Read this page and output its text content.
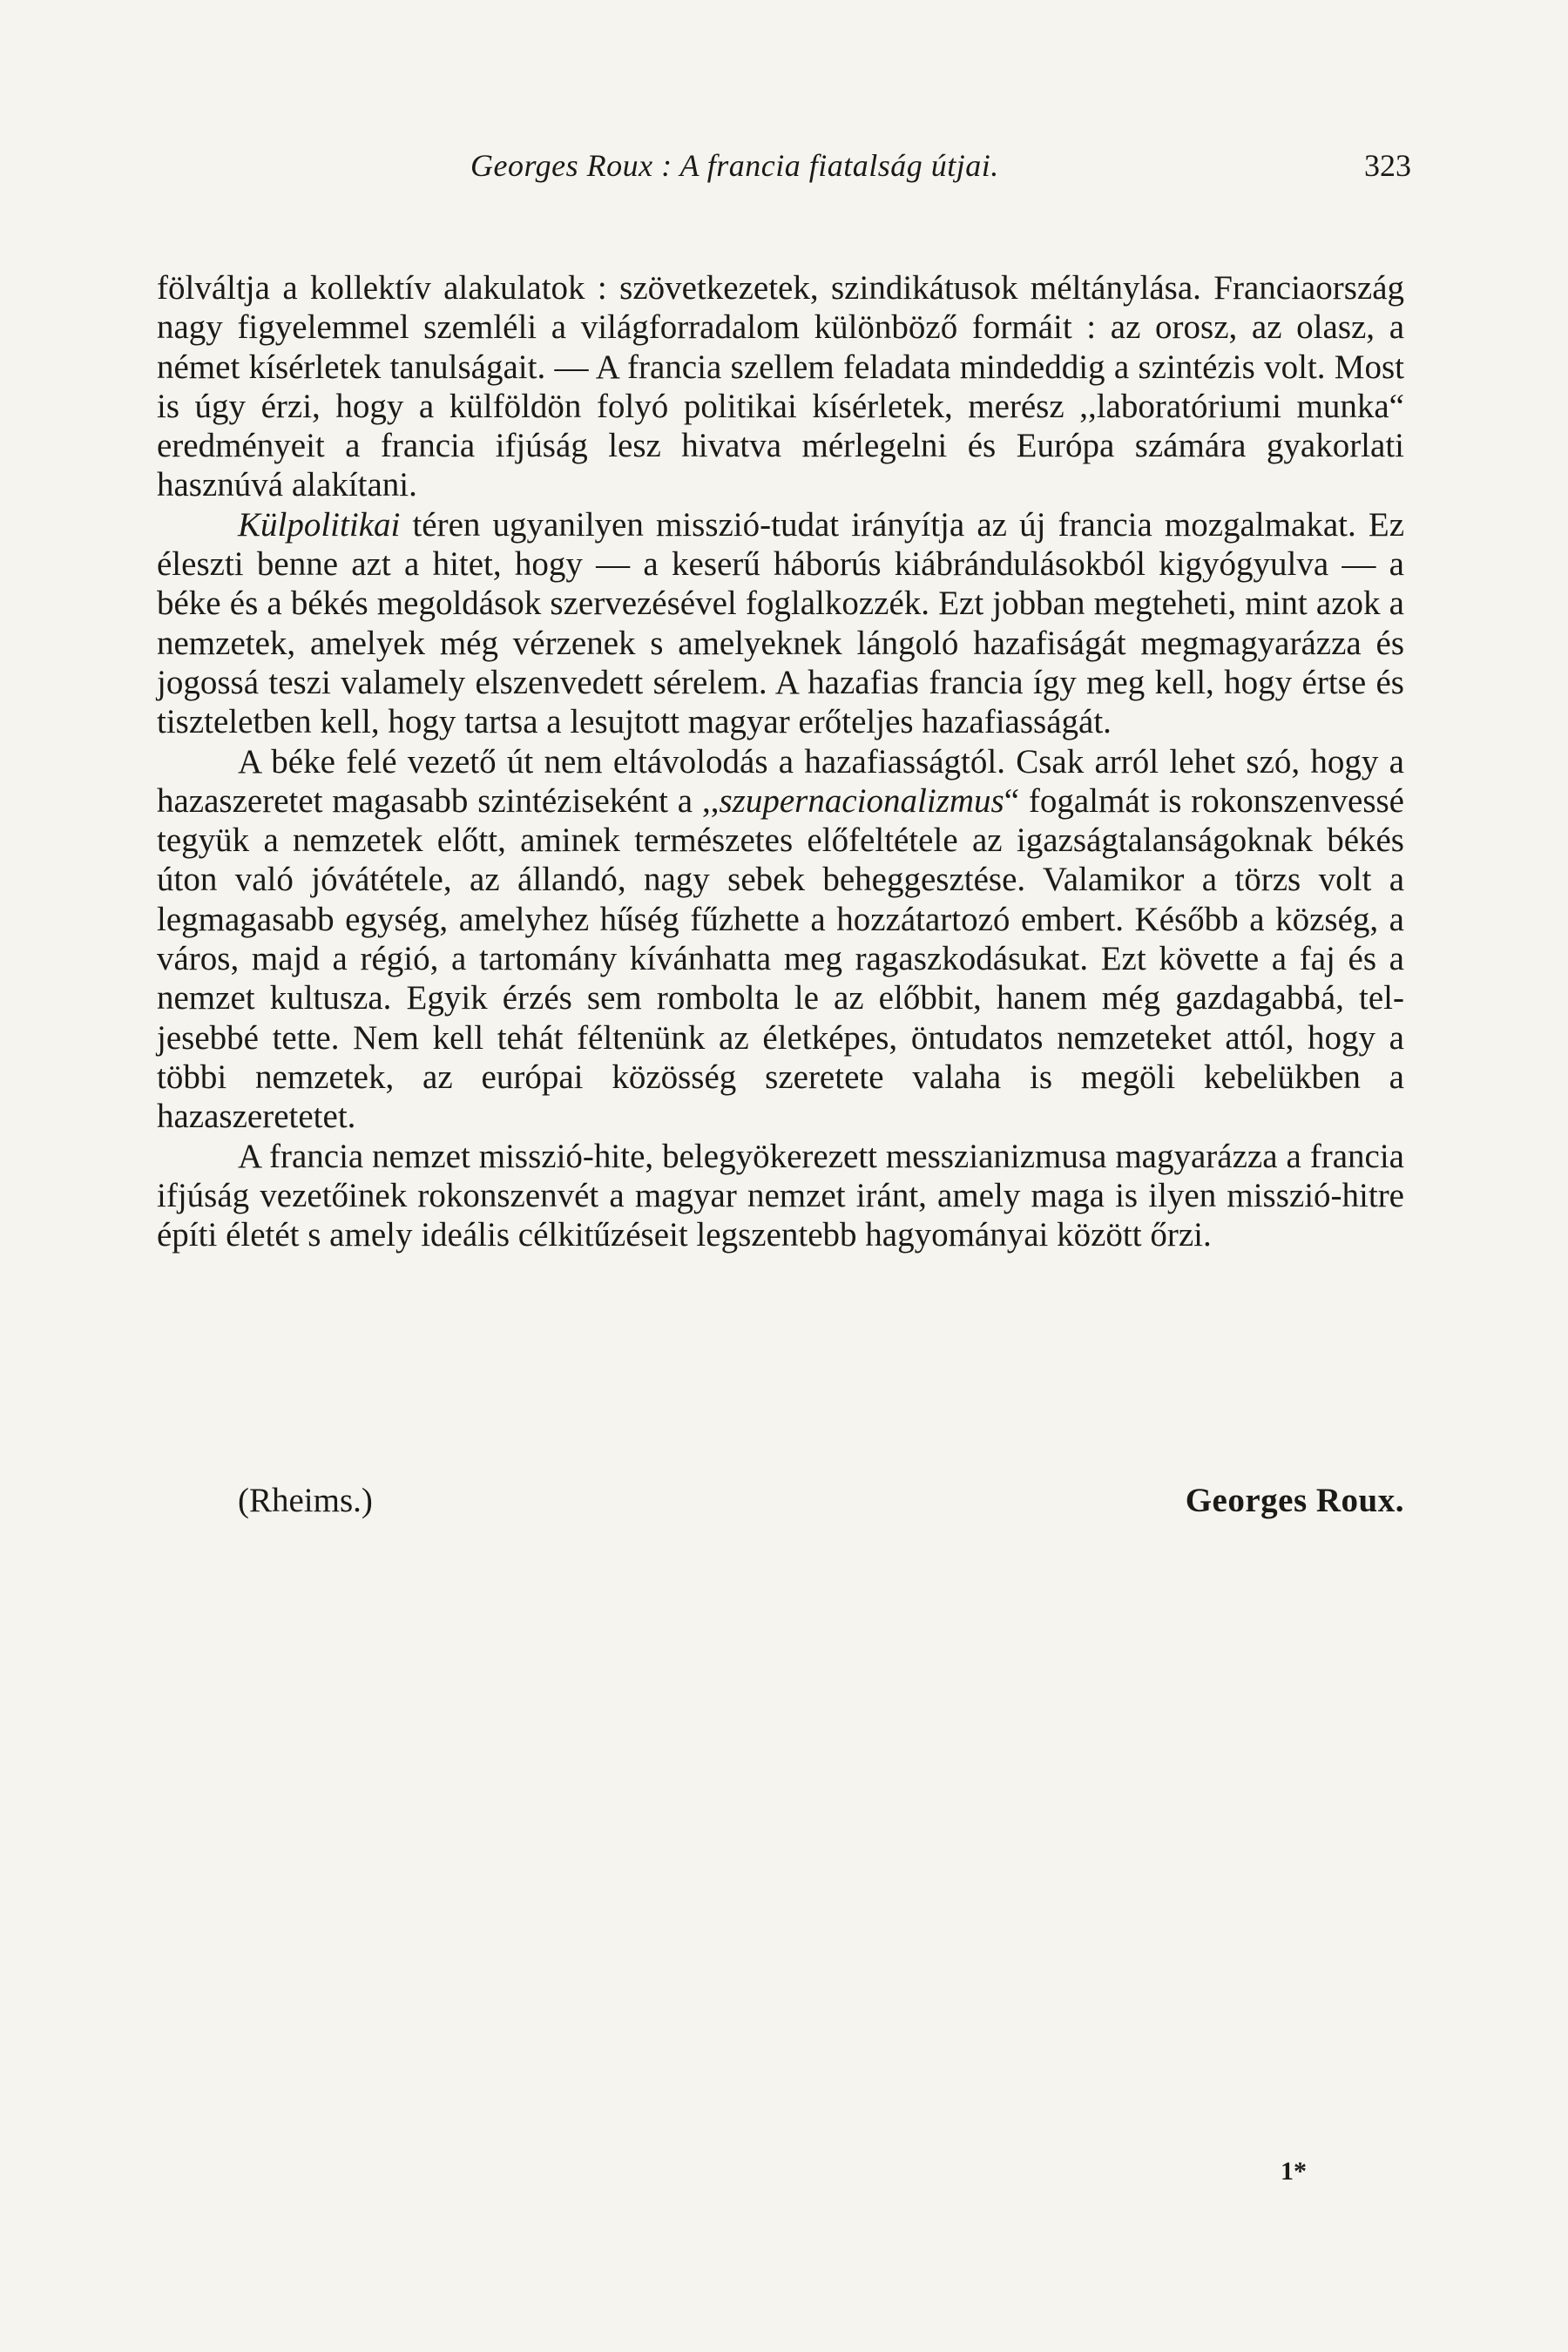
Georges Roux : A francia fiatalság útjai.	323

fölváltja a kollektív alakulatok : szövetkezetek, szindikátusok méltánylása. Franciaország nagy figyelemmel szemléli a világforradalom különböző formáit : az orosz, az olasz, a német kísérletek tanulságait. — A francia szellem feladata mindeddig a szintézis volt. Most is úgy érzi, hogy a külföldön folyó politikai kísérletek, merész ,,laboratóriumi munka“ eredményeit a francia ifjúság lesz hivatva mérlegelni és Európa számára gyakorlati hasznúvá alakítani.

Külpolitikai téren ugyanilyen misszió-tudat irányítja az új francia mozgalmakat. Ez éleszti benne azt a hitet, hogy — a keserű háborús kiábrándulásokból kigyógyulva — a béke és a békés megoldások szervezésével foglalkozzék. Ezt jobban megteheti, mint azok a nemzetek, amelyek még vérzenek s amelyeknek lángoló hazafiságát megmagyarázza és jogossá teszi valamely elszenvedett sérelem. A hazafias francia így meg kell, hogy értse és tiszteletben kell, hogy tartsa a lesujtott magyar erőteljes hazafiasságát.

A béke felé vezető út nem eltávolodás a hazafiasságtól. Csak arról lehet szó, hogy a hazaszeretet magasabb szintéziseként a ,,szupernacionalizmus“ fogalmát is rokonszenvessé tegyük a nemzetek előtt, aminek természetes előfeltétele az igazságtalanságoknak békés úton való jóvátétele, az állandó, nagy sebek beheggesztése. Valamikor a törzs volt a legmagasabb egység, amelyhez hűség fűzhette a hozzátartozó embert. Később a község, a város, majd a régió, a tartomány kívánhatta meg ragaszkodásukat. Ezt követte a faj és a nemzet kultusza. Egyik érzés sem rombolta le az előbbit, hanem még gazdagabbá, teljesebbé tette. Nem kell tehát féltenünk az életképes, öntudatos nemzeteket attól, hogy a többi nemzetek, az európai közösség szeretete valaha is megöli kebelükben a hazaszeretetet.

A francia nemzet misszió-hite, belegyökerezett messzianizmusa magyarázza a francia ifjúság vezetőinek rokonszenvét a magyar nemzet iránt, amely maga is ilyen misszió-hitre építi életét s amely ideális célkitűzéseit legszentebb hagyományai között őrzi.

(Rheims.)	Georges Roux.
1*
